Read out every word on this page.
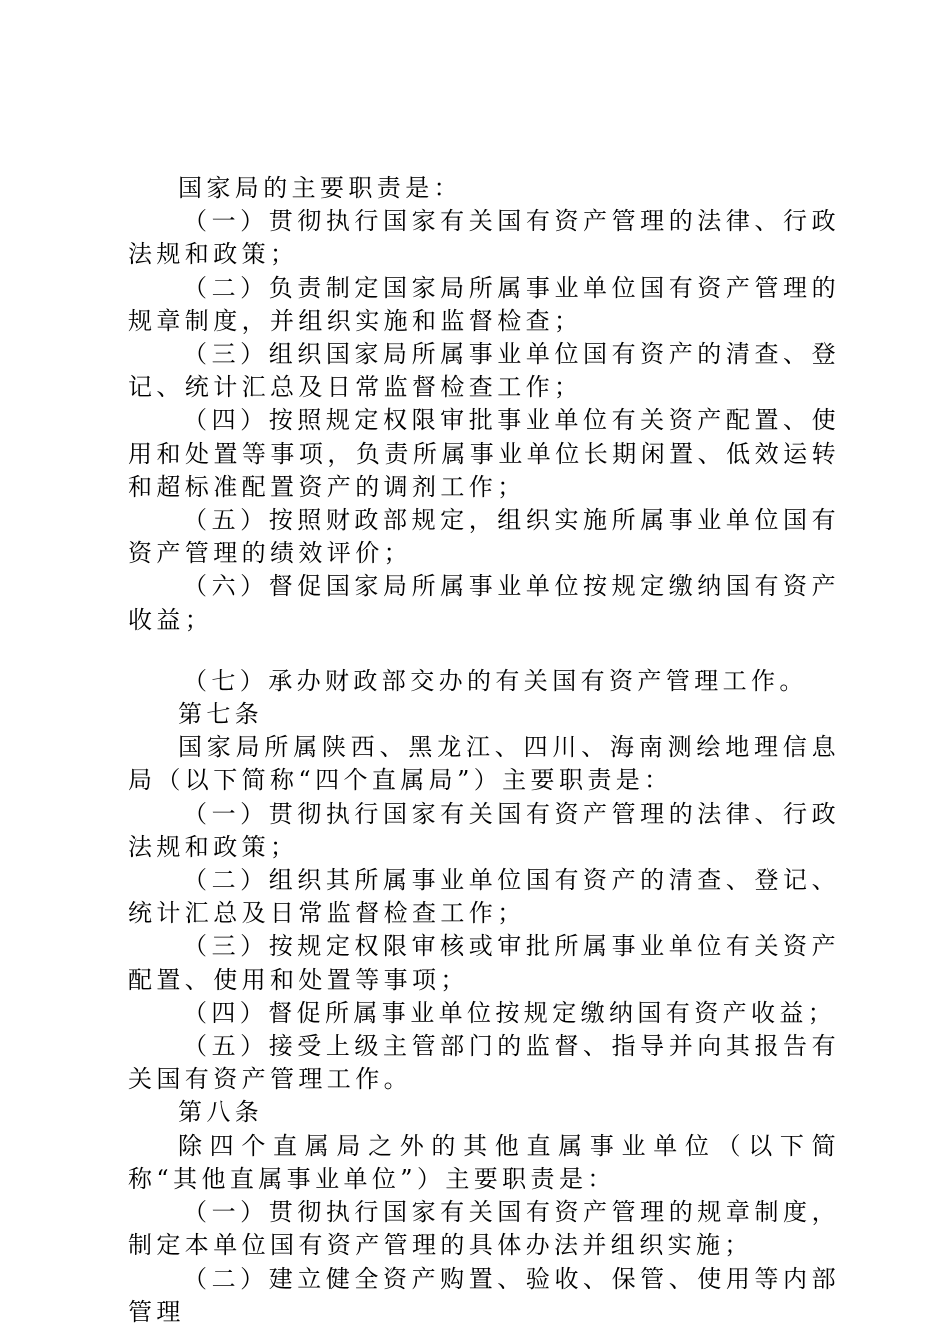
国家局的主要职责是：

（一）贯彻执行国家有关国有资产管理的法律、行政法规和政策；

（二）负责制定国家局所属事业单位国有资产管理的规章制度，并组织实施和监督检查；

（三）组织国家局所属事业单位国有资产的清查、登记、统计汇总及日常监督检查工作；

（四）按照规定权限审批事业单位有关资产配置、使用和处置等事项，负责所属事业单位长期闲置、低效运转和超标准配置资产的调剂工作；

（五）按照财政部规定，组织实施所属事业单位国有资产管理的绩效评价；

（六）督促国家局所属事业单位按规定缴纳国有资产收益；

（七）承办财政部交办的有关国有资产管理工作。

第七条

国家局所属陕西、黑龙江、四川、海南测绘地理信息局（以下简称“四个直属局”）主要职责是：

（一）贯彻执行国家有关国有资产管理的法律、行政法规和政策；

（二）组织其所属事业单位国有资产的清查、登记、统计汇总及日常监督检查工作；

（三）按规定权限审核或审批所属事业单位有关资产配置、使用和处置等事项；

（四）督促所属事业单位按规定缴纳国有资产收益；

（五）接受上级主管部门的监督、指导并向其报告有关国有资产管理工作。

第八条

除四个直属局之外的其他直属事业单位（以下简称“其他直属事业单位”）主要职责是：

（一）贯彻执行国家有关国有资产管理的规章制度，制定本单位国有资产管理的具体办法并组织实施；

（二）建立健全资产购置、验收、保管、使用等内部管理
